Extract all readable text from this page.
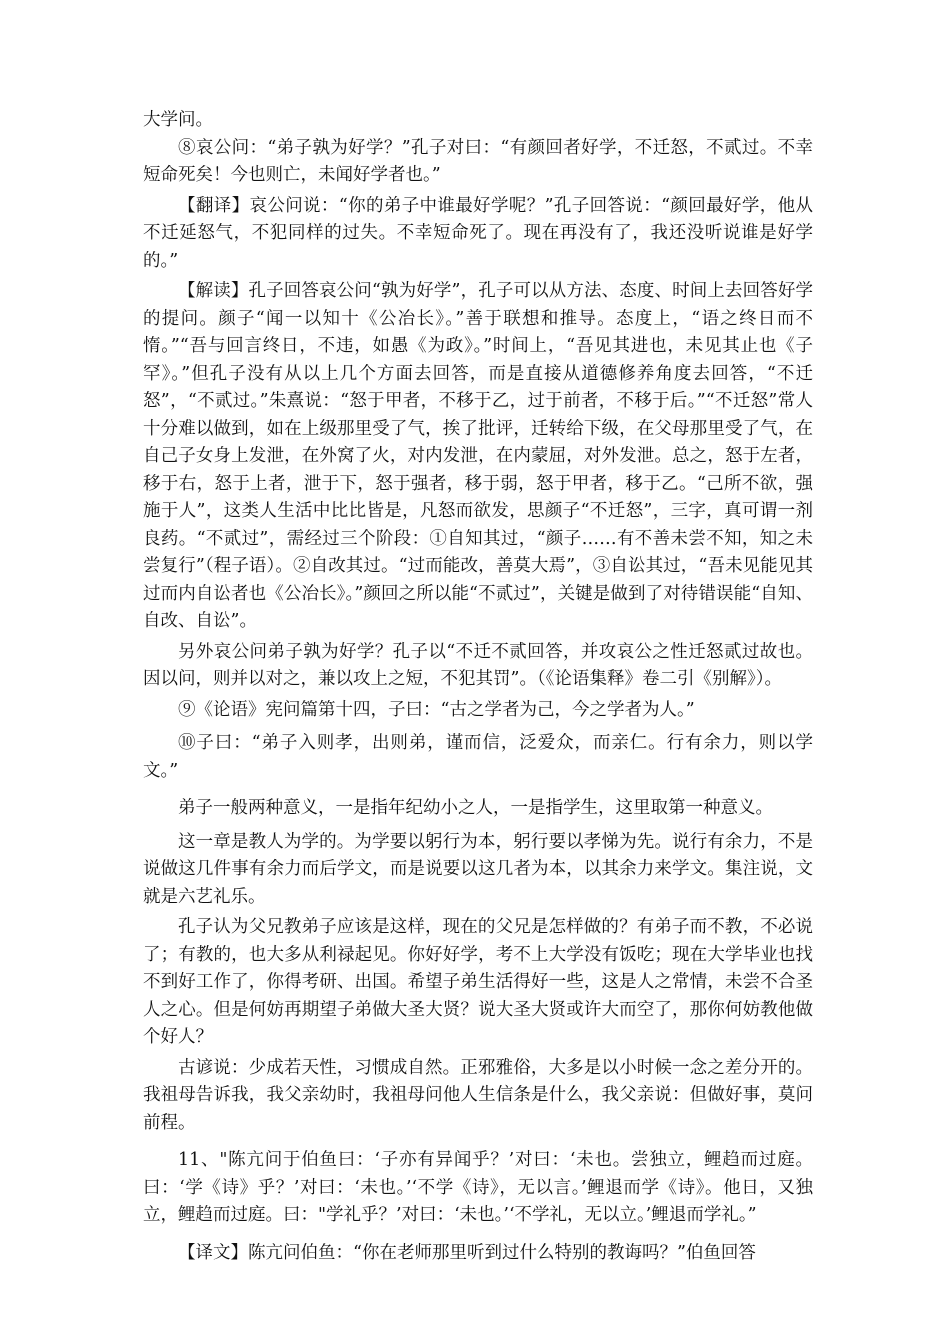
大学问。

⑧哀公问：“弟子孰为好学？”孔子对曰：“有颜回者好学，不迁怒，不贰过。不幸短命死矣！今也则亡，未闻好学者也。”

【翻译】哀公问说：“你的弟子中谁最好学呢？”孔子回答说：“颜回最好学，他从不迁延怒气，不犯同样的过失。不幸短命死了。现在再没有了，我还没听说谁是好学的。”

【解读】孔子回答哀公问“孰为好学”，孔子可以从方法、态度、时间上去回答好学的提问。颜子“闻一以知十《公冶长》。”善于联想和推导。态度上，“语之终日而不惰。”“吾与回言终日，不违，如愚《为政》。”时间上，“吾见其进也，未见其止也《子罕》。”但孔子没有从以上几个方面去回答，而是直接从道德修养角度去回答，“不迁怒”，“不贰过。”朱熹说：“怒于甲者，不移于乙，过于前者，不移于后。”“不迁怒”常人十分难以做到，如在上级那里受了气，挨了批评，迁转给下级，在父母那里受了气，在自己子女身上发泄，在外窝了火，对内发泄，在内蒙屈，对外发泄。总之，怒于左者，移于右，怒于上者，泄于下，怒于强者，移于弱，怒于甲者，移于乙。“己所不欲，强施于人”，这类人生活中比比皆是，凡怒而欲发，思颜子“不迁怒”，三字，真可谓一剂良药。“不贰过”，需经过三个阶段：①自知其过，“颜子……有不善未尝不知，知之未尝复行”（程子语）。②自改其过。“过而能改，善莫大焉”，③自讼其过，“吾未见能见其过而内自讼者也《公冶长》。”颜回之所以能“不贰过”，关键是做到了对待错误能“自知、自改、自讼”。

另外哀公问弟子孰为好学？孔子以“不迁不贰回答，并攻哀公之性迁怒贰过故也。因以问，则并以对之，兼以攻上之短，不犯其罚”。（《论语集释》卷二引《别解》）。

⑨《论语》宪问篇第十四，子曰：“古之学者为己，今之学者为人。”

⑩子曰：“弟子入则孝，出则弟，谨而信，泛爱众，而亲仁。行有余力，则以学文。”

弟子一般两种意义，一是指年纪幼小之人，一是指学生，这里取第一种意义。

这一章是教人为学的。为学要以躬行为本，躬行要以孝悌为先。说行有余力，不是说做这几件事有余力而后学文，而是说要以这几者为本，以其余力来学文。集注说，文就是六艺礼乐。

孔子认为父兄教弟子应该是这样，现在的父兄是怎样做的？有弟子而不教，不必说了；有教的，也大多从利禄起见。你好好学，考不上大学没有饭吃；现在大学毕业也找不到好工作了，你得考研、出国。希望子弟生活得好一些，这是人之常情，未尝不合圣人之心。但是何妨再期望子弟做大圣大贤？说大圣大贤或许大而空了，那你何妨教他做个好人？

古谚说：少成若天性，习惯成自然。正邪雅俗，大多是以小时候一念之差分开的。我祖母告诉我，我父亲幼时，我祖母问他人生信条是什么，我父亲说：但做好事，莫问前程。

11、"陈亢问于伯鱼曰：‘子亦有异闻乎？’对曰：‘未也。尝独立，鲤趋而过庭。曰：‘学《诗》乎？’对曰：‘未也。’‘不学《诗》，无以言。’鲤退而学《诗》。他日，又独立，鲤趋而过庭。曰："学礼乎？’对曰：‘未也。’‘不学礼，无以立。’鲤退而学礼。”

【译文】陈亢问伯鱼：“你在老师那里听到过什么特别的教诲吗？”伯鱼回答
